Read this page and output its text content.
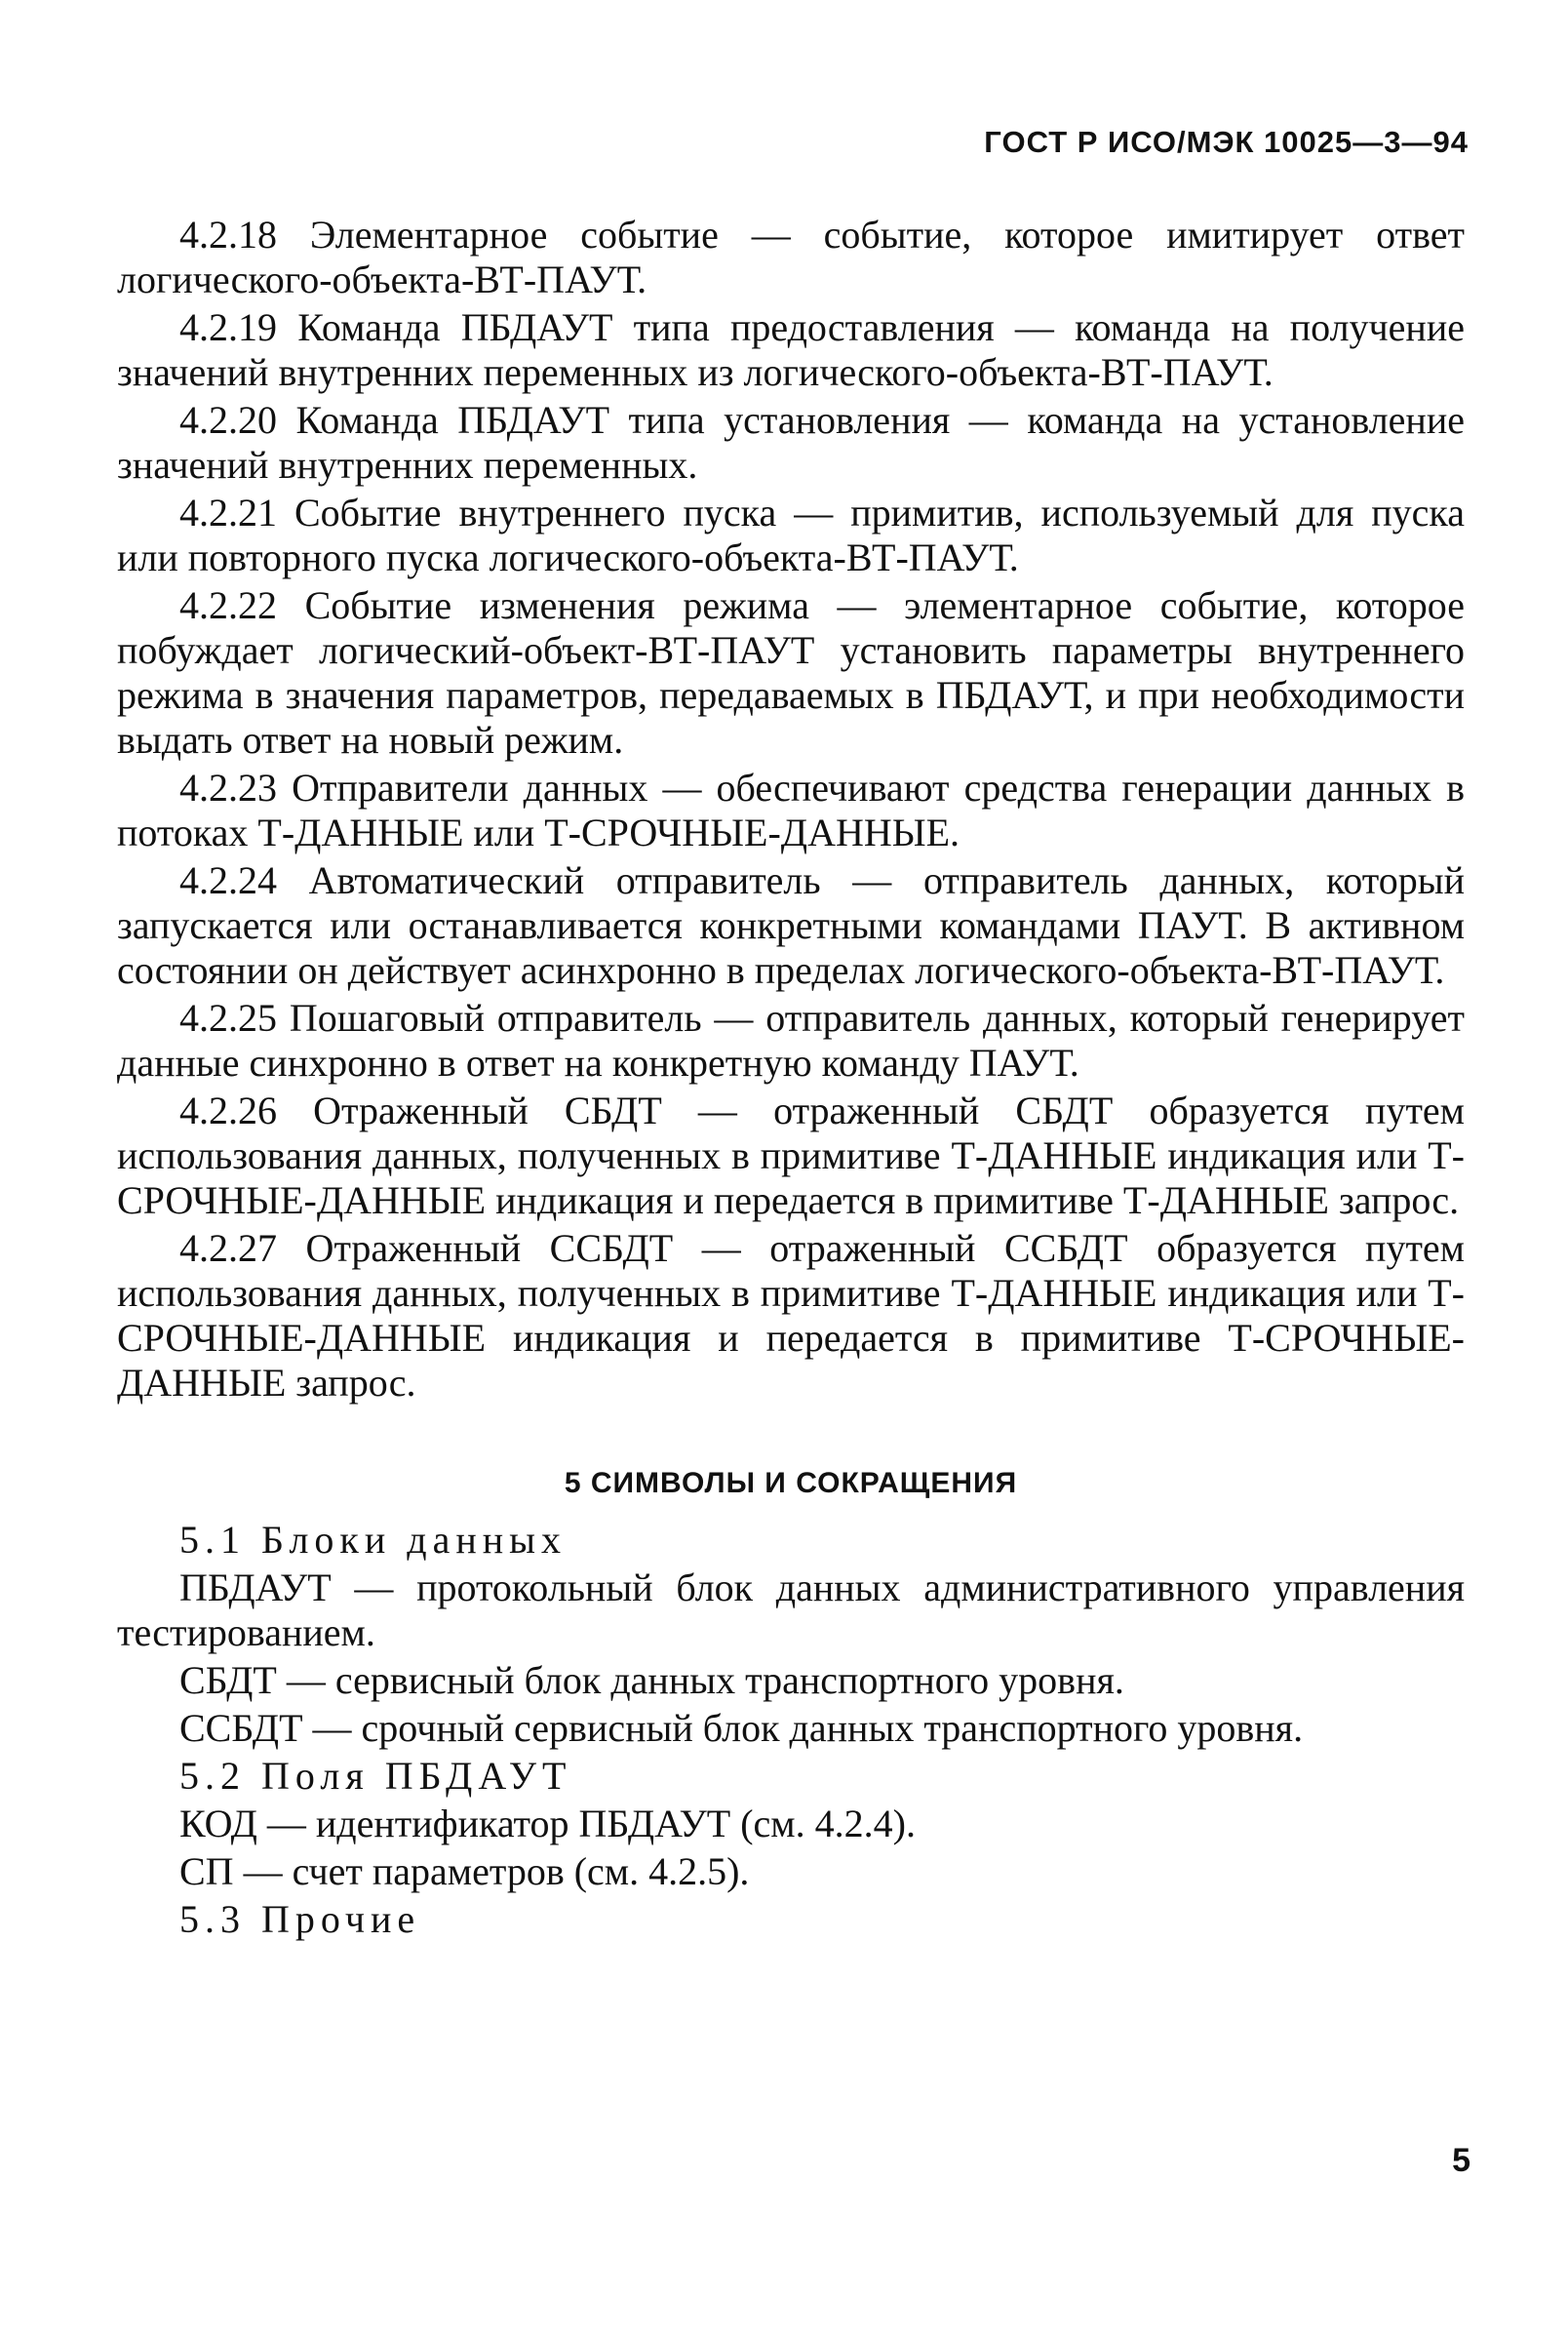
ГОСТ Р ИСО/МЭК 10025—3—94

4.2.18 Элементарное событие — событие, которое имитирует ответ логического-объекта-ВТ-ПАУТ.

4.2.19 Команда ПБДАУТ типа предоставления — команда на получение значений внутренних переменных из логического-объекта-ВТ-ПАУТ.

4.2.20 Команда ПБДАУТ типа установления — команда на установление значений внутренних переменных.

4.2.21 Событие внутреннего пуска — примитив, используемый для пуска или повторного пуска логического-объекта-ВТ-ПАУТ.

4.2.22 Событие изменения режима — элементарное событие, которое побуждает логический-объект-ВТ-ПАУТ установить параметры внутреннего режима в значения параметров, передаваемых в ПБДАУТ, и при необходимости выдать ответ на новый режим.

4.2.23 Отправители данных — обеспечивают средства генерации данных в потоках Т-ДАННЫЕ или Т-СРОЧНЫЕ-ДАННЫЕ.

4.2.24 Автоматический отправитель — отправитель данных, который запускается или останавливается конкретными командами ПАУТ. В активном состоянии он действует асинхронно в пределах логического-объекта-ВТ-ПАУТ.

4.2.25 Пошаговый отправитель — отправитель данных, который генерирует данные синхронно в ответ на конкретную команду ПАУТ.

4.2.26 Отраженный СБДТ — отраженный СБДТ образуется путем использования данных, полученных в примитиве Т-ДАННЫЕ индикация или Т-СРОЧНЫЕ-ДАННЫЕ индикация и передается в примитиве Т-ДАННЫЕ запрос.

4.2.27 Отраженный ССБДТ — отраженный ССБДТ образуется путем использования данных, полученных в примитиве Т-ДАННЫЕ индикация или Т-СРОЧНЫЕ-ДАННЫЕ индикация и передается в примитиве Т-СРОЧНЫЕ-ДАННЫЕ запрос.

5 СИМВОЛЫ И СОКРАЩЕНИЯ

5.1 Блоки данных

ПБДАУТ — протокольный блок данных административного управления тестированием.

СБДТ — сервисный блок данных транспортного уровня.

ССБДТ — срочный сервисный блок данных транспортного уровня.

5.2 Поля ПБДАУТ

КОД — идентификатор ПБДАУТ (см. 4.2.4).

СП — счет параметров (см. 4.2.5).

5.3 Прочие

5
